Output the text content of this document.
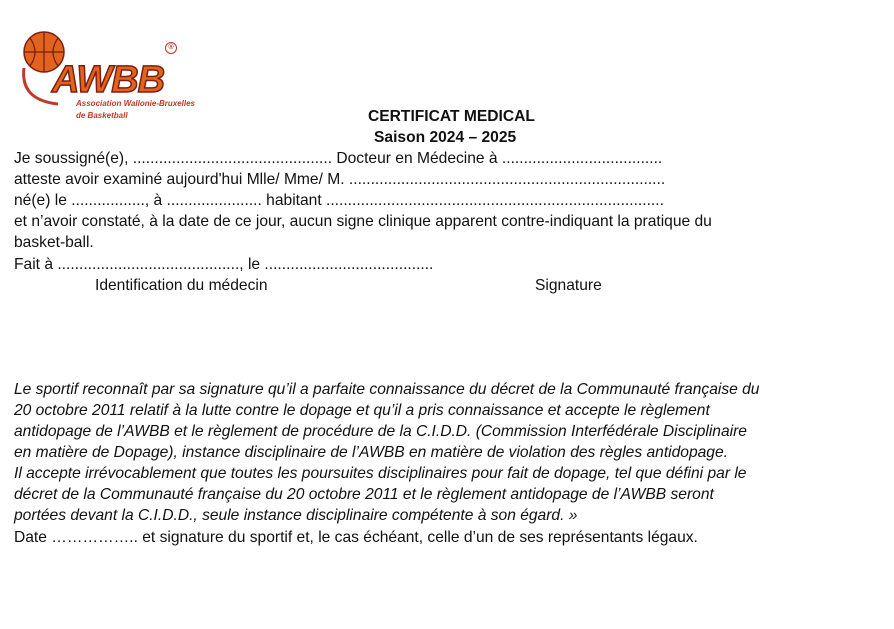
AWBB
®
Association Wallonie-Bruxelles
de Basketball	CERTIFICAT MEDICAL
Saison 2024 – 2025
Je soussigné(e), .............................................. Docteur en Médecine à .....................................
atteste avoir examiné aujourd'hui Mlle/ Mme/ M. .........................................................................
né(e) le ................., à ...................... habitant ..............................................................................
et n’avoir constaté, à la date de ce jour, aucun signe clinique apparent contre-indiquant la pratique du
basket-ball.
Fait à .........................................., le .......................................
Identification du médecin	Signature
Le sportif reconnaît par sa signature qu’il a parfaite connaissance du décret de la Communauté française du
20 octobre 2011 relatif à la lutte contre le dopage et qu’il a pris connaissance et accepte le règlement
antidopage de l’AWBB et le règlement de procédure de la C.I.D.D. (Commission Interfédérale Disciplinaire
en matière de Dopage), instance disciplinaire de l’AWBB en matière de violation des règles antidopage.
Il accepte irrévocablement que toutes les poursuites disciplinaires pour fait de dopage, tel que défini par le
décret de la Communauté française du 20 octobre 2011 et le règlement antidopage de l’AWBB seront
portées devant la C.I.D.D., seule instance disciplinaire compétente à son égard. »
Date …………….. et signature du sportif et, le cas échéant, celle d’un de ses représentants légaux.
